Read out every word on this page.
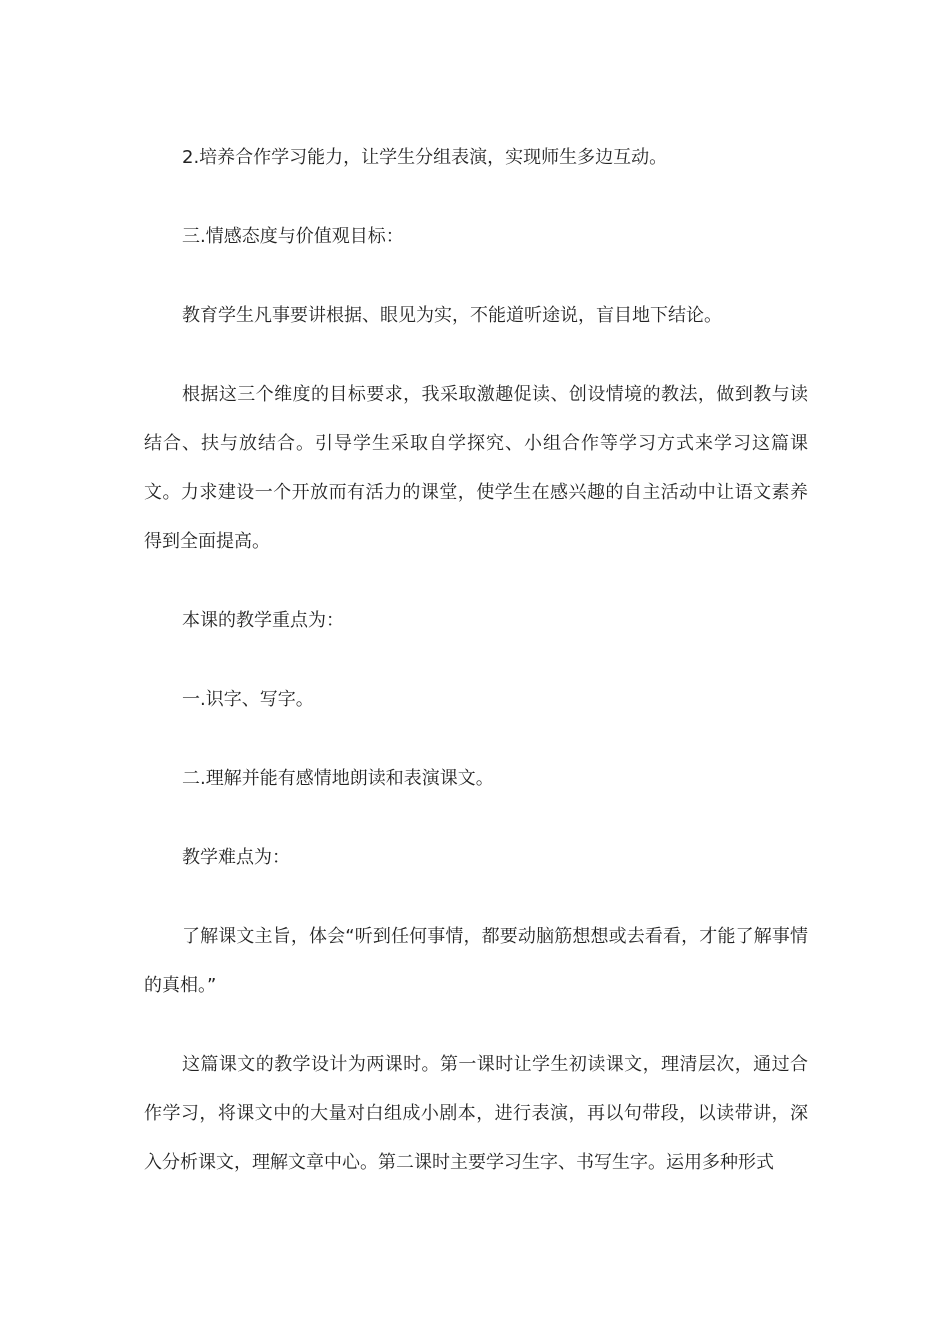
2.培养合作学习能力，让学生分组表演，实现师生多边互动。

三.情感态度与价值观目标：

教育学生凡事要讲根据、眼见为实，不能道听途说，盲目地下结论。

根据这三个维度的目标要求，我采取激趣促读、创设情境的教法，做到教与读结合、扶与放结合。引导学生采取自学探究、小组合作等学习方式来学习这篇课文。力求建设一个开放而有活力的课堂，使学生在感兴趣的自主活动中让语文素养得到全面提高。

本课的教学重点为：

一.识字、写字。

二.理解并能有感情地朗读和表演课文。

教学难点为：

了解课文主旨，体会“听到任何事情，都要动脑筋想想或去看看，才能了解事情的真相。”

这篇课文的教学设计为两课时。第一课时让学生初读课文，理清层次，通过合作学习，将课文中的大量对白组成小剧本，进行表演，再以句带段，以读带讲，深入分析课文，理解文章中心。第二课时主要学习生字、书写生字。运用多种形式
